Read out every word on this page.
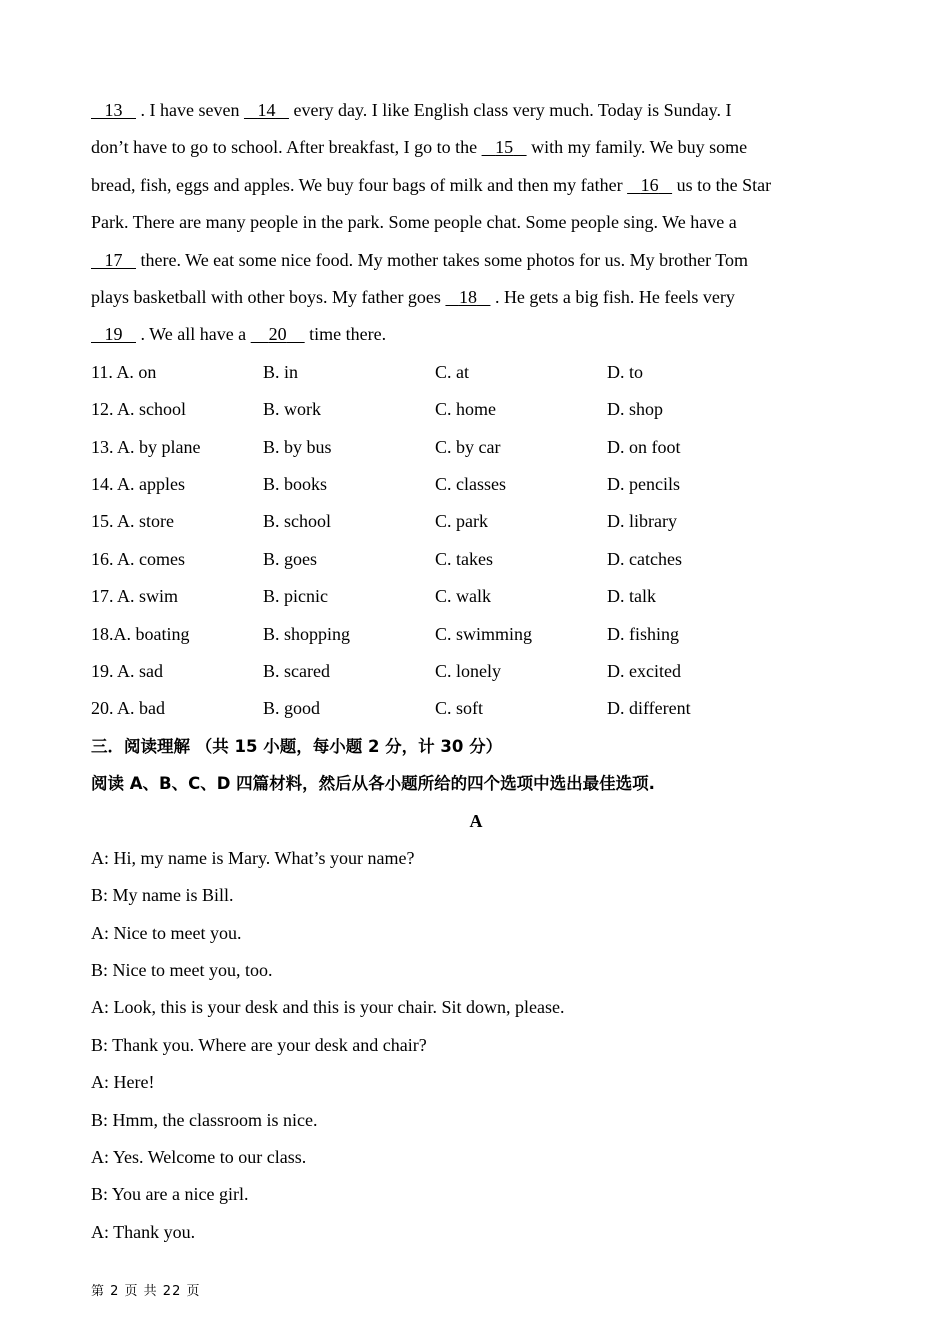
13    . I have seven    14    every day. I like English class very much. Today is Sunday. I

don’t have to go to school. After breakfast, I go to the    15    with my family. We buy some

bread, fish, eggs and apples. We buy four bags of milk and then my father    16    us to the Star

Park. There are many people in the park. Some people chat. Some people sing. We have a

17    there. We eat some nice food. My mother takes some photos for us. My brother Tom

plays basketball with other boys. My father goes    18    . He gets a big fish. He feels very

19    . We all have a     20     time there.

11. A. on	B. in	C. at	D. to
12. A. school	B. work	C. home	D. shop
13. A. by plane	B. by bus	C. by car	D. on foot
14. A. apples	B. books	C. classes	D. pencils
15. A. store	B. school	C. park	D. library
16. A. comes	B. goes	C. takes	D. catches
17. A. swim	B. picnic	C. walk	D. talk
18.A. boating	B. shopping	C. swimming	D. fishing
19. A. sad	B. scared	C. lonely	D. excited
20. A. bad	B. good	C. soft	D. different
三．阅读理解 （共 15 小题，每小题 2 分，计 30 分）
阅读 A、B、C、D 四篇材料，然后从各小题所给的四个选项中选出最佳选项.
A

A: Hi, my name is Mary. What’s your name?

B: My name is Bill.

A: Nice to meet you.

B: Nice to meet you, too.

A: Look, this is your desk and this is your chair. Sit down, please.

B: Thank you. Where are your desk and chair?

A: Here!

B: Hmm, the classroom is nice.

A: Yes. Welcome to our class.

B: You are a nice girl.

A: Thank you.

第 2 页 共 22 页
